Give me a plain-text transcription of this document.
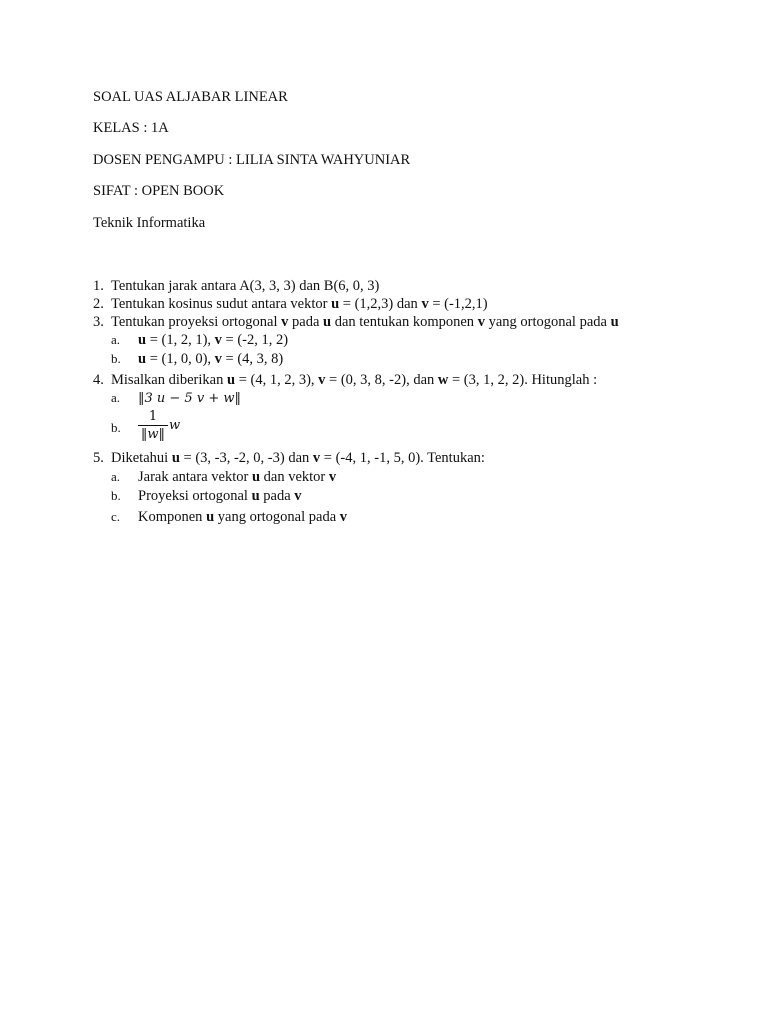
SOAL UAS ALJABAR LINEAR
KELAS : 1A
DOSEN PENGAMPU : LILIA SINTA WAHYUNIAR
SIFAT : OPEN BOOK
Teknik Informatika
1. Tentukan jarak antara A(3, 3, 3) dan B(6, 0, 3)
2. Tentukan kosinus sudut antara vektor u = (1,2,3) dan v = (-1,2,1)
3. Tentukan proyeksi ortogonal v pada u dan tentukan komponen v yang ortogonal pada u
a. u = (1, 2, 1), v = (-2, 1, 2)
b. u = (1, 0, 0), v = (4, 3, 8)
4. Misalkan diberikan u = (4, 1, 2, 3), v = (0, 3, 8, -2), dan w = (3, 1, 2, 2). Hitunglah :
a. ‖3 u − 5 v + w‖
b.
1
‖w‖
w
5. Diketahui u = (3, -3, -2, 0, -3) dan v = (-4, 1, -1, 5, 0). Tentukan:
a. Jarak antara vektor u dan vektor v
b. Proyeksi ortogonal u pada v
c. Komponen u yang ortogonal pada v
